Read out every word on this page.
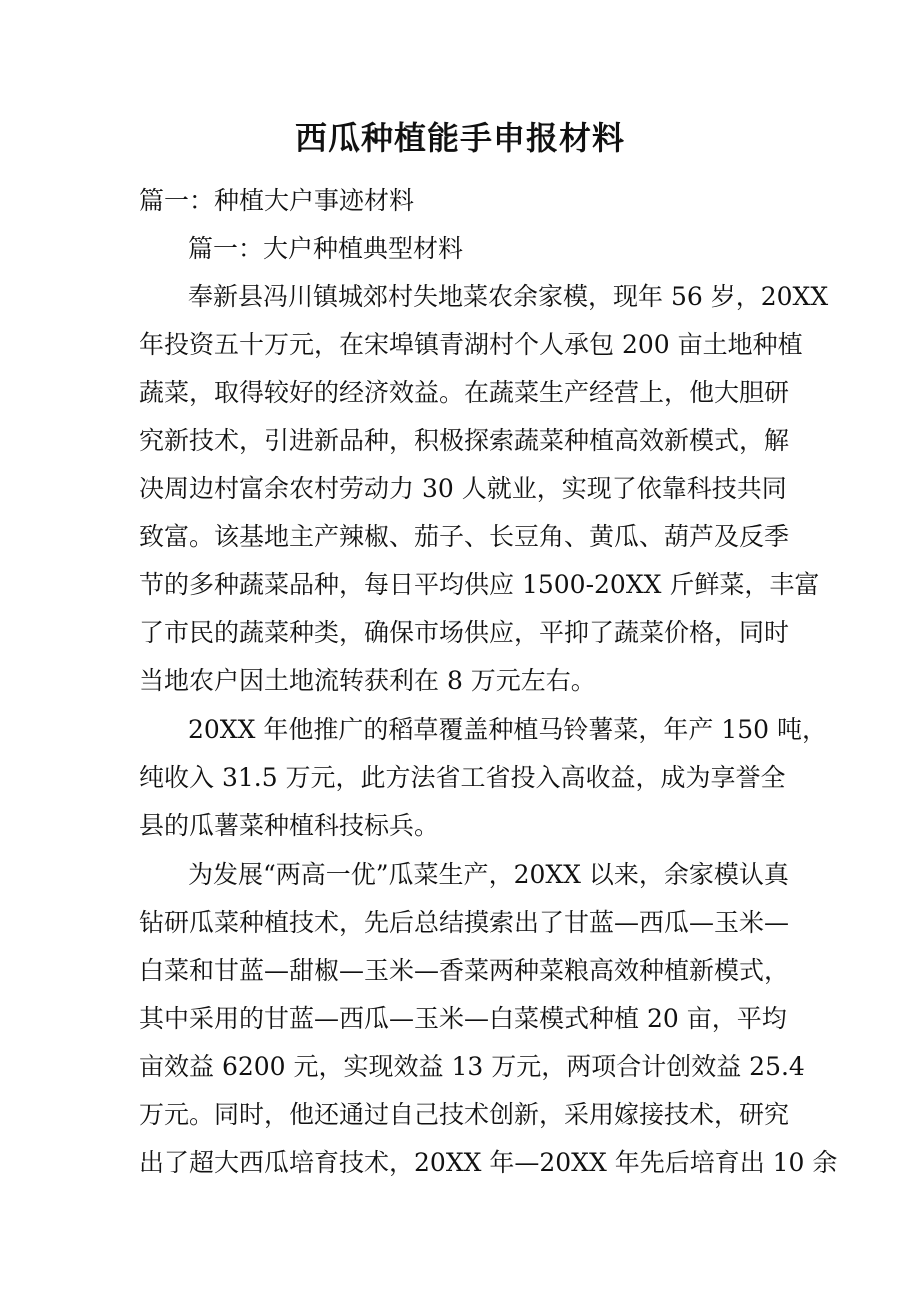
西瓜种植能手申报材料
篇一：种植大户事迹材料
篇一：大户种植典型材料
奉新县冯川镇城郊村失地菜农余家模，现年 56 岁，20XX
年投资五十万元，在宋埠镇青湖村个人承包 200 亩土地种植
蔬菜，取得较好的经济效益。在蔬菜生产经营上，他大胆研
究新技术，引进新品种，积极探索蔬菜种植高效新模式，解
决周边村富余农村劳动力 30 人就业，实现了依靠科技共同
致富。该基地主产辣椒、茄子、长豆角、黄瓜、葫芦及反季
节的多种蔬菜品种，每日平均供应 1500-20XX 斤鲜菜，丰富
了市民的蔬菜种类，确保市场供应，平抑了蔬菜价格，同时
当地农户因土地流转获利在 8 万元左右。
20XX 年他推广的稻草覆盖种植马铃薯菜，年产 150 吨，
纯收入 31.5 万元，此方法省工省投入高收益，成为享誉全
县的瓜薯菜种植科技标兵。
为发展“两高一优”瓜菜生产，20XX 以来，余家模认真
钻研瓜菜种植技术，先后总结摸索出了甘蓝—西瓜—玉米—
白菜和甘蓝—甜椒—玉米—香菜两种菜粮高效种植新模式，
其中采用的甘蓝—西瓜—玉米—白菜模式种植 20 亩，平均
亩效益 6200 元，实现效益 13 万元，两项合计创效益 25.4
万元。同时，他还通过自己技术创新，采用嫁接技术，研究
出了超大西瓜培育技术，20XX 年—20XX 年先后培育出 10 余
